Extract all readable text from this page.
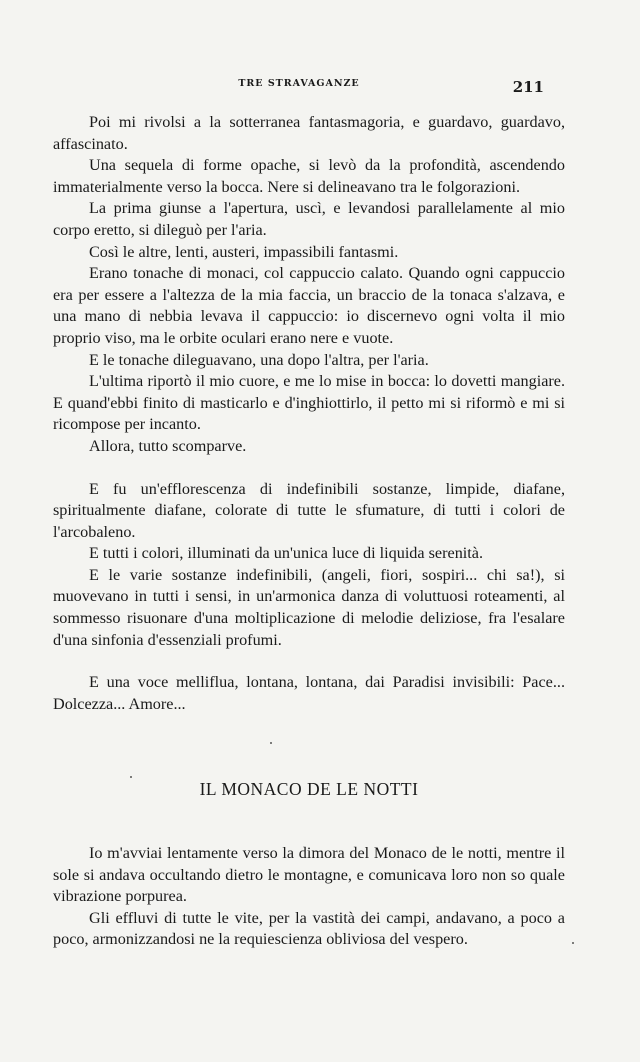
TRE STRAVAGANZE	211

Poi mi rivolsi a la sotterranea fantasmagoria, e guardavo, guardavo, affascinato.

Una sequela di forme opache, si levò da la profondità, ascendendo immaterialmente verso la bocca. Nere si delineavano tra le folgorazioni.

La prima giunse a l'apertura, uscì, e levandosi parallelamente al mio corpo eretto, si dileguò per l'aria.

Così le altre, lenti, austeri, impassibili fantasmi.

Erano tonache di monaci, col cappuccio calato. Quando ogni cappuccio era per essere a l'altezza de la mia faccia, un braccio de la tonaca s'alzava, e una mano di nebbia levava il cappuccio: io discernevo ogni volta il mio proprio viso, ma le orbite oculari erano nere e vuote.

E le tonache dileguavano, una dopo l'altra, per l'aria.

L'ultima riportò il mio cuore, e me lo mise in bocca: lo dovetti mangiare. E quand'ebbi finito di masticarlo e d'inghiottirlo, il petto mi si riformò e mi si ricompose per incanto.

Allora, tutto scomparve.

E fu un'efflorescenza di indefinibili sostanze, limpide, diafane, spiritualmente diafane, colorate di tutte le sfumature, di tutti i colori de l'arcobaleno.

E tutti i colori, illuminati da un'unica luce di liquida serenità.

E le varie sostanze indefinibili, (angeli, fiori, sospiri... chi sa!), si muovevano in tutti i sensi, in un'armonica danza di voluttuosi roteamenti, al sommesso risuonare d'una moltiplicazione di melodie deliziose, fra l'esalare d'una sinfonia d'essenziali profumi.

E una voce melliflua, lontana, lontana, dai Paradisi invisibili: Pace... Dolcezza... Amore...

IL MONACO DE LE NOTTI

Io m'avviai lentamente verso la dimora del Monaco de le notti, mentre il sole si andava occultando dietro le montagne, e comunicava loro non so quale vibrazione porpurea.

Gli effluvi di tutte le vite, per la vastità dei campi, andavano, a poco a poco, armonizzandosi ne la requiescienza obliviosa del vespero.
